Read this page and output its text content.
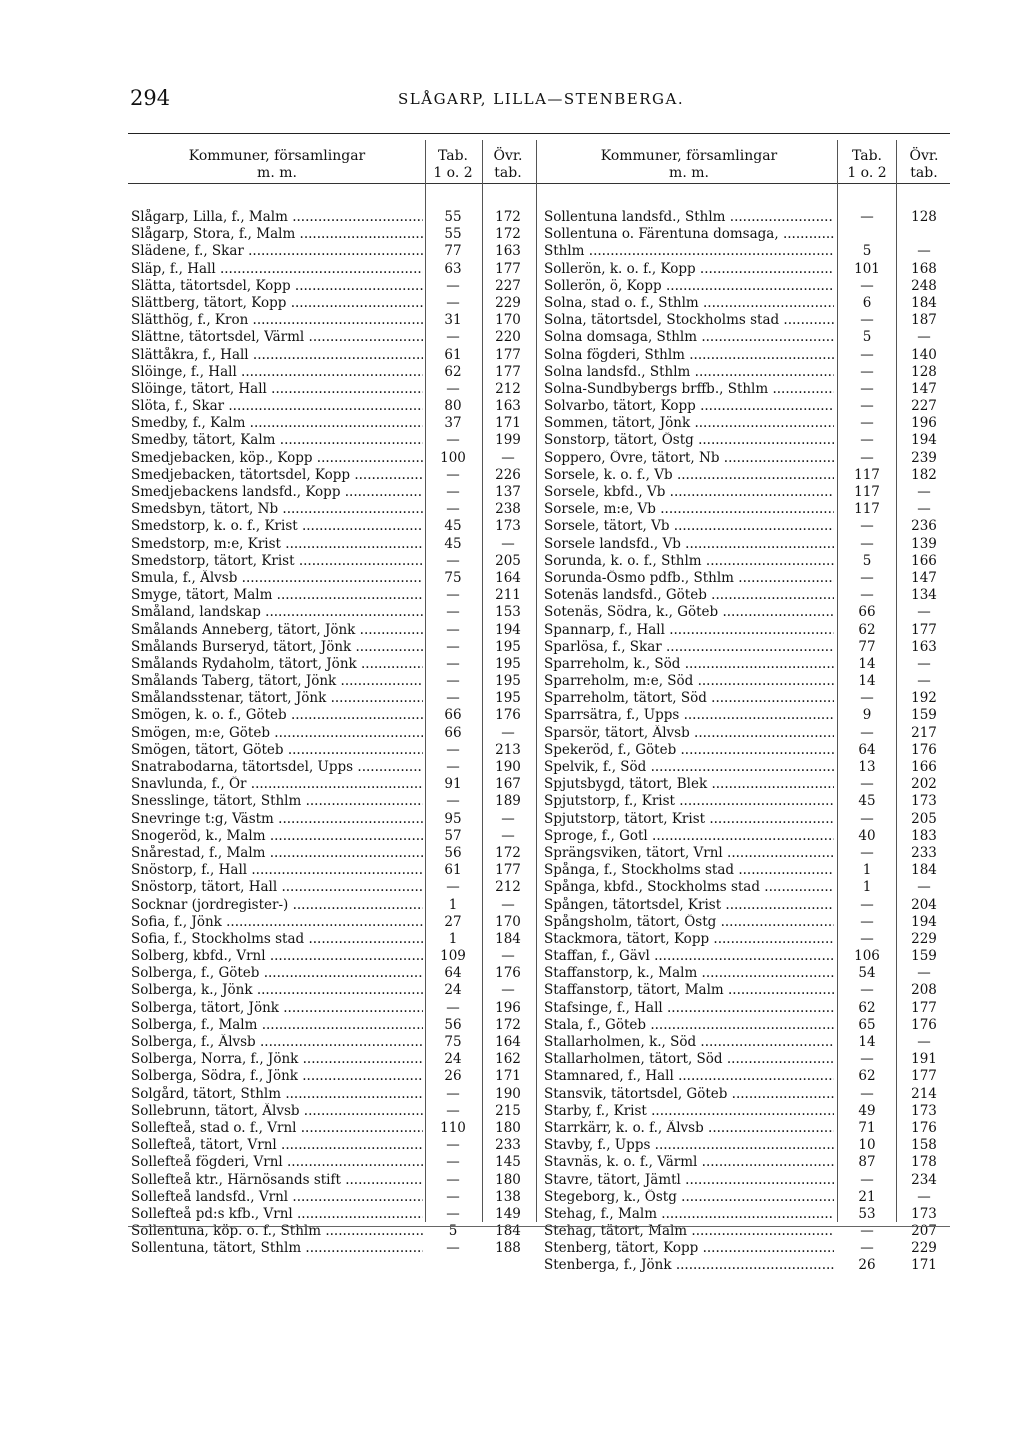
294	SLÅGARP, LILLA—STENBERGA.
Kommuner, församlingar
m. m.
Tab.
1 o. 2
Övr.
tab.
Kommuner, församlingar
m. m.
Tab.
1 o. 2
Övr.
tab.
Slågarp, Lilla, f., Malm .....	55	172
Slågarp, Stora, f., Malm .....	55	172
Slädene, f., Skar .....	77	163
Släp, f., Hall .....	63	177
Slätta, tätortsdel, Kopp .....	—	227
Slättberg, tätort, Kopp .....	—	229
Slätthög, f., Kron .....	31	170
Slättne, tätortsdel, Värml .....	—	220
Slättåkra, f., Hall .....	61	177
Slöinge, f., Hall .....	62	177
Slöinge, tätort, Hall .....	—	212
Slöta, f., Skar .....	80	163
Smedby, f., Kalm .....	37	171
Smedby, tätort, Kalm .....	—	199
Smedjebacken, köp., Kopp .....	100	—
Smedjebacken, tätortsdel, Kopp .....	—	226
Smedjebackens landsfd., Kopp .....	—	137
Smedsbyn, tätort, Nb .....	—	238
Smedstorp, k. o. f., Krist .....	45	173
Smedstorp, m:e, Krist .....	45	—
Smedstorp, tätort, Krist .....	—	205
Smula, f., Älvsb .....	75	164
Smyge, tätort, Malm .....	—	211
Småland, landskap .....	—	153
Smålands Anneberg, tätort, Jönk .....	—	194
Smålands Burseryd, tätort, Jönk .....	—	195
Smålands Rydaholm, tätort, Jönk .....	—	195
Smålands Taberg, tätort, Jönk .....	—	195
Smålandsstenar, tätort, Jönk .....	—	195
Smögen, k. o. f., Göteb .....	66	176
Smögen, m:e, Göteb .....	66	—
Smögen, tätort, Göteb .....	—	213
Snatrabodarna, tätortsdel, Upps .....	—	190
Snavlunda, f., Ör .....	91	167
Snesslinge, tätort, Sthlm .....	—	189
Snevringe t:g, Västm .....	95	—
Snogeröd, k., Malm .....	57	—
Snårestad, f., Malm .....	56	172
Snöstorp, f., Hall .....	61	177
Snöstorp, tätort, Hall .....	—	212
Socknar (jordregister-) .....	1	—
Sofia, f., Jönk .....	27	170
Sofia, f., Stockholms stad .....	1	184
Solberg, kbfd., Vrnl .....	109	—
Solberga, f., Göteb .....	64	176
Solberga, k., Jönk .....	24	—
Solberga, tätort, Jönk .....	—	196
Solberga, f., Malm .....	56	172
Solberga, f., Älvsb .....	75	164
Solberga, Norra, f., Jönk .....	24	162
Solberga, Södra, f., Jönk .....	26	171
Solgård, tätort, Sthlm .....	—	190
Sollebrunn, tätort, Älvsb .....	—	215
Sollefteå, stad o. f., Vrnl .....	110	180
Sollefteå, tätort, Vrnl .....	—	233
Sollefteå fögderi, Vrnl .....	—	145
Sollefteå ktr., Härnösands stift .....	—	180
Sollefteå landsfd., Vrnl .....	—	138
Sollefteå pd:s kfb., Vrnl .....	—	149
Sollentuna, köp. o. f., Sthlm .....	5	184
Sollentuna, tätort, Sthlm .....	—	188
Sollentuna landsfd., Sthlm .....	—	128
Sollentuna o. Färentuna domsaga, .....
Sthlm .....	5	—
Sollerön, k. o. f., Kopp .....	101	168
Sollerön, ö, Kopp .....	—	248
Solna, stad o. f., Sthlm .....	6	184
Solna, tätortsdel, Stockholms stad .....	—	187
Solna domsaga, Sthlm .....	5	—
Solna fögderi, Sthlm .....	—	140
Solna landsfd., Sthlm .....	—	128
Solna-Sundbybergs brffb., Sthlm .....	—	147
Solvarbo, tätort, Kopp .....	—	227
Sommen, tätort, Jönk .....	—	196
Sonstorp, tätort, Östg .....	—	194
Soppero, Övre, tätort, Nb .....	—	239
Sorsele, k. o. f., Vb .....	117	182
Sorsele, kbfd., Vb .....	117	—
Sorsele, m:e, Vb .....	117	—
Sorsele, tätort, Vb .....	—	236
Sorsele landsfd., Vb .....	—	139
Sorunda, k. o. f., Sthlm .....	5	166
Sorunda-Ösmo pdfb., Sthlm .....	—	147
Sotenäs landsfd., Göteb .....	—	134
Sotenäs, Södra, k., Göteb .....	66	—
Spannarp, f., Hall .....	62	177
Sparlösa, f., Skar .....	77	163
Sparreholm, k., Söd .....	14	—
Sparreholm, m:e, Söd .....	14	—
Sparreholm, tätort, Söd .....	—	192
Sparrsätra, f., Upps .....	9	159
Sparsör, tätort, Älvsb .....	—	217
Spekeröd, f., Göteb .....	64	176
Spelvik, f., Söd .....	13	166
Spjutsbygd, tätort, Blek .....	—	202
Spjutstorp, f., Krist .....	45	173
Spjutstorp, tätort, Krist .....	—	205
Sproge, f., Gotl .....	40	183
Sprängsviken, tätort, Vrnl .....	—	233
Spånga, f., Stockholms stad .....	1	184
Spånga, kbfd., Stockholms stad .....	1	—
Spången, tätortsdel, Krist .....	—	204
Spångsholm, tätort, Östg .....	—	194
Stackmora, tätort, Kopp .....	—	229
Staffan, f., Gävl .....	106	159
Staffanstorp, k., Malm .....	54	—
Staffanstorp, tätort, Malm .....	—	208
Stafsinge, f., Hall .....	62	177
Stala, f., Göteb .....	65	176
Stallarholmen, k., Söd .....	14	—
Stallarholmen, tätort, Söd .....	—	191
Stamnared, f., Hall .....	62	177
Stansvik, tätortsdel, Göteb .....	—	214
Starby, f., Krist .....	49	173
Starrkärr, k. o. f., Älvsb .....	71	176
Stavby, f., Upps .....	10	158
Stavnäs, k. o. f., Värml .....	87	178
Stavre, tätort, Jämtl .....	—	234
Stegeborg, k., Östg .....	21	—
Stehag, f., Malm .....	53	173
Stehag, tätort, Malm .....	—	207
Stenberg, tätort, Kopp .....	—	229
Stenberga, f., Jönk .....	26	171
